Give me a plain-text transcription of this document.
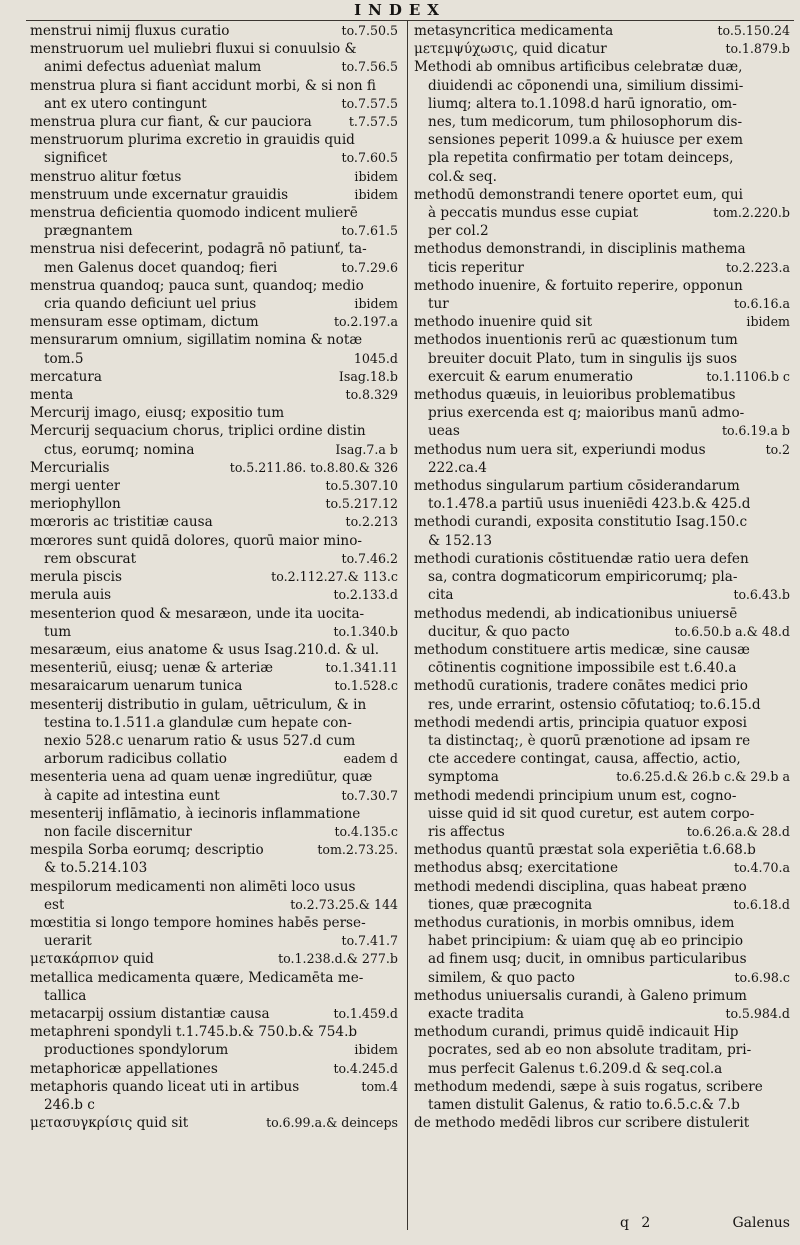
INDEX
menstrui nimij fluxus curatio	to.7.50.5
menstruorum uel muliebri fluxui si conuulsio &
animi defectus aduenìat malum	to.7.56.5
menstrua plura si fiant accidunt morbi, & si non fi
ant ex utero contingunt	to.7.57.5
menstrua plura cur fiant, & cur pauciora	t.7.57.5
menstruorum plurima excretio in grauidis quid
significet	to.7.60.5
menstruo alitur fœtus	ibidem
menstruum unde excernatur grauidis	ibidem
menstrua deficientia quomodo indicent mulierē
prægnantem	to.7.61.5
menstrua nisi defecerint, podagrā nō patiunť, ta-
men Galenus docet quandoq; fieri	to.7.29.6
menstrua quandoq; pauca sunt, quandoq; medio
cria quando deficiunt uel prius	ibidem
mensuram esse optimam, dictum	to.2.197.a
mensurarum omnium, sigillatim nomina & notæ
tom.5	1045.d
mercatura	Isag.18.b
menta	to.8.329
Mercurij imago, eiusq; expositio tum
Mercurij sequacium chorus, triplici ordine distin
ctus, eorumq; nomina	Isag.7.a b
Mercurialis	to.5.211.86. to.8.80.& 326
mergi uenter	to.5.307.10
meriophyllon	to.5.217.12
mœroris ac tristitiæ causa	to.2.213
mœrores sunt quidā dolores, quorū maior mino-
rem obscurat	to.7.46.2
merula piscis	to.2.112.27.& 113.c
merula auis	to.2.133.d
mesenterion quod & mesaræon, unde ita uocita-
tum	to.1.340.b
mesaræum, eius anatome & usus Isag.210.d. & ul.
mesenteriū, eiusq; uenæ & arteriæ	to.1.341.11
mesaraicarum uenarum tunica	to.1.528.c
mesenterij distributio in gulam, uētriculum, & in
testina to.1.511.a glandulæ cum hepate con-
nexio 528.c uenarum ratio & usus 527.d cum
arborum radicibus collatio	eadem d
mesenteria uena ad quam uenæ ingrediūtur, quæ
à capite ad intestina eunt	to.7.30.7
mesenterij inflāmatio, à iecinoris inflammatione
non facile discernitur	to.4.135.c
mespila Sorba eorumq; descriptio	tom.2.73.25.
& to.5.214.103
mespilorum medicamenti non alimēti loco usus
est	to.2.73.25.& 144
mœstitia si longo tempore homines habēs perse-
uerarit	to.7.41.7
μετακάρπιον quid	to.1.238.d.& 277.b
metallica medicamenta quære, Medicamēta me-
tallica
metacarpij ossium distantiæ causa	to.1.459.d
metaphreni spondyli t.1.745.b.& 750.b.& 754.b
productiones spondylorum	ibidem
metaphoricæ appellationes	to.4.245.d
metaphoris quando liceat uti in artibus	tom.4
246.b c
μετασυγκρίσις quid sit	to.6.99.a.& deinceps
metasyncritica medicamenta	to.5.150.24
μετεμψύχωσις, quid dicatur	to.1.879.b
Methodi ab omnibus artificibus celebratæ duæ,
diuidendi ac cōponendi una, similium dissimi-
liumq; altera to.1.1098.d harū ignoratio, om-
nes, tum medicorum, tum philosophorum dis-
sensiones peperit 1099.a & huiusce per exem
pla repetita confirmatio per totam deinceps,
col.& seq.
methodū demonstrandi tenere oportet eum, qui
à peccatis mundus esse cupiat	tom.2.220.b
per col.2
methodus demonstrandi, in disciplinis mathema
ticis reperitur	to.2.223.a
methodo inuenire, & fortuito reperire, opponun
tur	to.6.16.a
methodo inuenire quid sit	ibidem
methodos inuentionis rerū ac quæstionum tum
breuiter docuit Plato, tum in singulis ijs suos
exercuit & earum enumeratio	to.1.1106.b c
methodus quæuis, in leuioribus problematibus
prius exercenda est q; maioribus manū admo-
ueas	to.6.19.a b
methodus num uera sit, experiundi modus	to.2
222.ca.4
methodus singularum partium cōsiderandarum
to.1.478.a partiū usus inueniēdi 423.b.& 425.d
methodi curandi, exposita constitutio Isag.150.c
& 152.13
methodi curationis cōstituendæ ratio uera defen
sa, contra dogmaticorum empiricorumq; pla-
cita	to.6.43.b
methodus medendi, ab indicationibus uniuersē
ducitur, & quo pacto	to.6.50.b a.& 48.d
methodum constituere artis medicæ, sine causæ
cōtinentis cognitione impossibile est t.6.40.a
methodū curationis, tradere conātes medici prio
res, unde errarint, ostensio cōfutatioq; to.6.15.d
methodi medendi artis, principia quatuor exposi
ta distinctaq;, è quorū prænotione ad ipsam re
cte accedere contingat, causa, affectio, actio,
symptoma	to.6.25.d.& 26.b c.& 29.b a
methodi medendi principium unum est, cogno-
uisse quid id sit quod curetur, est autem corpo-
ris affectus	to.6.26.a.& 28.d
methodus quantū præstat sola experiētia t.6.68.b
methodus absq; exercitatione	to.4.70.a
methodi medendi disciplina, quas habeat præno
tiones, quæ præcognita	to.6.18.d
methodus curationis, in morbis omnibus, idem
habet principium: & uiam quę ab eo principio
ad finem usq; ducit, in omnibus particularibus
similem, & quo pacto	to.6.98.c
methodus uniuersalis curandi, à Galeno primum
exacte tradita	to.5.984.d
methodum curandi, primus quidē indicauit Hip
pocrates, sed ab eo non absolute traditam, pri-
mus perfecit Galenus t.6.209.d & seq.col.a
methodum medendi, sæpe à suis rogatus, scribere
tamen distulit Galenus, & ratio to.6.5.c.& 7.b
de methodo medēdi libros cur scribere distulerit
q 2	Galenus
